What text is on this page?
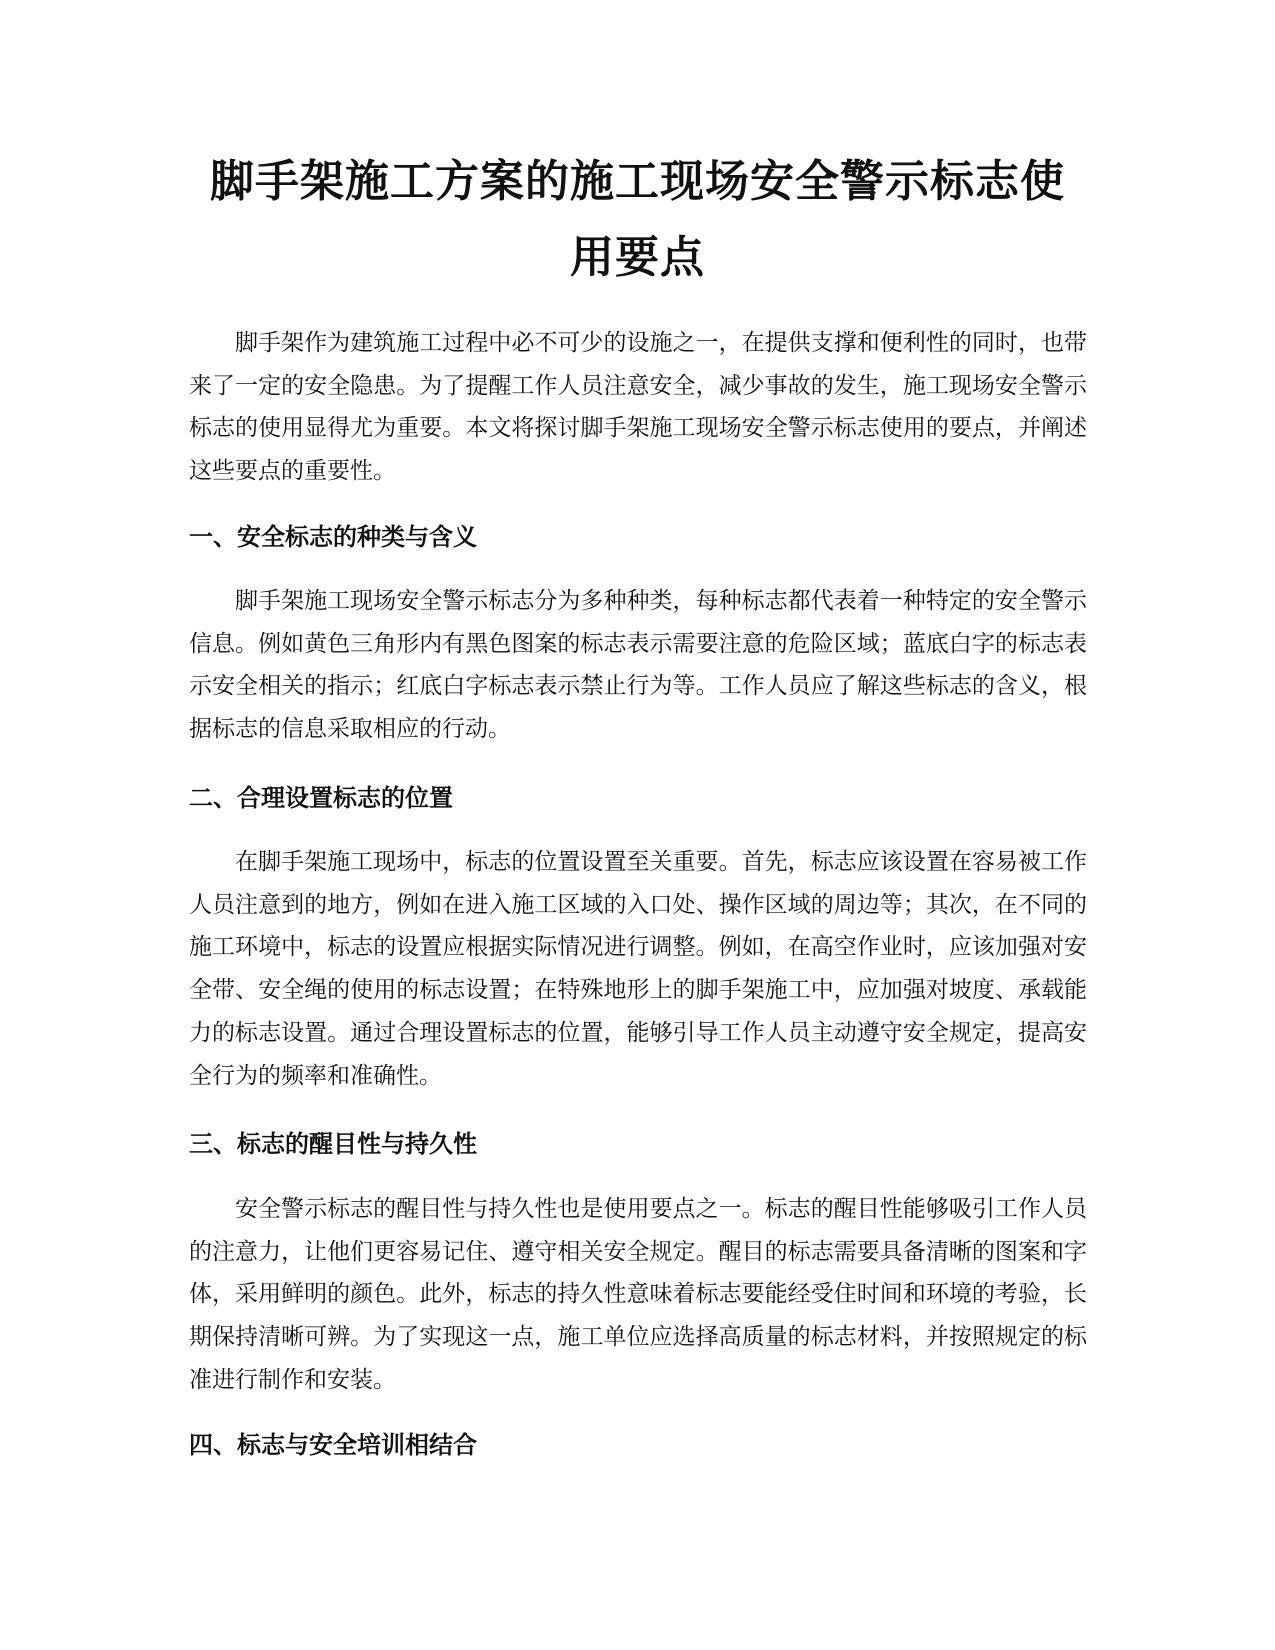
脚手架施工方案的施工现场安全警示标志使
用要点

脚手架作为建筑施工过程中必不可少的设施之一，在提供支撑和便利性的同时，也带来了一定的安全隐患。为了提醒工作人员注意安全，减少事故的发生，施工现场安全警示标志的使用显得尤为重要。本文将探讨脚手架施工现场安全警示标志使用的要点，并阐述这些要点的重要性。

一、安全标志的种类与含义

脚手架施工现场安全警示标志分为多种种类，每种标志都代表着一种特定的安全警示信息。例如黄色三角形内有黑色图案的标志表示需要注意的危险区域；蓝底白字的标志表示安全相关的指示；红底白字标志表示禁止行为等。工作人员应了解这些标志的含义，根据标志的信息采取相应的行动。

二、合理设置标志的位置

在脚手架施工现场中，标志的位置设置至关重要。首先，标志应该设置在容易被工作人员注意到的地方，例如在进入施工区域的入口处、操作区域的周边等；其次，在不同的施工环境中，标志的设置应根据实际情况进行调整。例如，在高空作业时，应该加强对安全带、安全绳的使用的标志设置；在特殊地形上的脚手架施工中，应加强对坡度、承载能力的标志设置。通过合理设置标志的位置，能够引导工作人员主动遵守安全规定，提高安全行为的频率和准确性。

三、标志的醒目性与持久性

安全警示标志的醒目性与持久性也是使用要点之一。标志的醒目性能够吸引工作人员的注意力，让他们更容易记住、遵守相关安全规定。醒目的标志需要具备清晰的图案和字体，采用鲜明的颜色。此外，标志的持久性意味着标志要能经受住时间和环境的考验，长期保持清晰可辨。为了实现这一点，施工单位应选择高质量的标志材料，并按照规定的标准进行制作和安装。

四、标志与安全培训相结合
